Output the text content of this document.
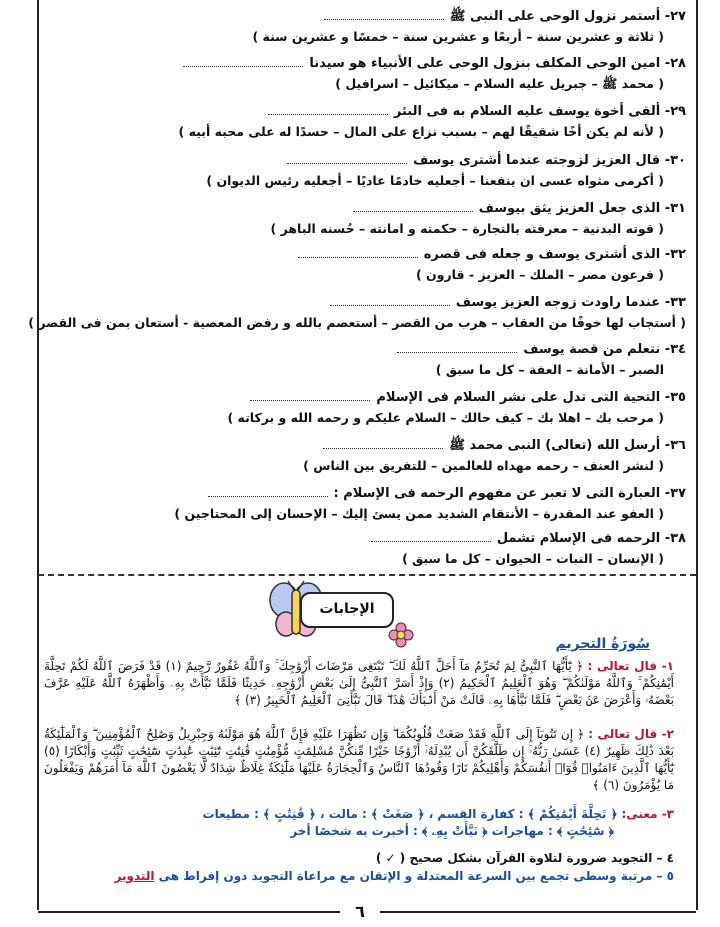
٢٧- أستمر نزول الوحى على النبى ﷺ
( ثلاثة و عشرين سنة – أربعًا و عشرين سنة – خمسًا و عشرين سنة )
٢٨- امين الوحى المكلف بنزول الوحى على الأنبياء هو سيدنا
( محمد ﷺ – جبريل عليه السلام – ميكائيل – اسرافيل )
٢٩- ألقى أخوة يوسف عليه السلام به فى البئر
( لأنه لم يكن أخًا شقيقًا لهم – بسبب نزاع على المال – حسدًا له على محبه أبيه )
٣٠- قال العزيز لزوجته عندما أشترى يوسف
( أكرمى مثواه عسى ان ينفعنا – أجعليه خادمًا عاديًا – أجعليه رئيس الديوان )
٣١- الذى جعل العزيز يثق بيوسف
( قوته البدنية – معرفته بالتجارة – حكمته و امانته – حُسنه الباهر )
٣٢- الذى أشترى يوسف و جعله فى قصره
( فرعون مصر – الملك – العزيز - قارون )
٣٣- عندما راودت زوجه العزيز يوسف
( أستجاب لها خوفًا من العقاب – هرب من القصر – أستعصم بالله و رفض المعصية - أستعان بمن فى القصر )
٣٤- نتعلم من قصة يوسف
الصبر – الأمانة – العفة – كل ما سبق )
٣٥- التحية التى تدل على نشر السلام فى الإسلام
( مرحب بك – اهلا بك – كيف حالك – السلام عليكم و رحمه الله و بركاته )
٣٦- أرسل الله (تعالى) النبى محمد ﷺ
( لنشر العنف – رحمه مهداه للعالمين – للتفريق بين الناس )
٣٧- العبارة التى لا تعبر عن مفهوم الرحمه فى الإسلام :
( العفو عند المقدرة – الأنتقام الشديد ممن يسئ إليك – الإحسان إلى المحتاجين )
٣٨- الرحمه فى الإسلام تشمل
( الإنسان – النبات – الحيوان – كل ما سبق )
الإجابات
سُورَةُ التحريم
١- قال تعالى : ﴿ يَٰٓأَيُّهَا ٱلنَّبِىُّ لِمَ تُحَرِّمُ مَآ أَحَلَّ ٱللَّهُ لَكَ ۖ تَبْتَغِى مَرْضَاتَ أَزْوَٰجِكَ ۚ وَٱللَّهُ غَفُورٌ رَّحِيمٌ (١) قَدْ فَرَضَ ٱللَّهُ لَكُمْ تَحِلَّةَ أَيْمَٰنِكُمْ ۚ وَٱللَّهُ مَوْلَىٰكُمْ ۖ وَهُوَ ٱلْعَلِيمُ ٱلْحَكِيمُ (٢) وَإِذْ أَسَرَّ ٱلنَّبِىُّ إِلَىٰ بَعْضِ أَزْوَٰجِهِۦ حَدِيثًا فَلَمَّا نَبَّأَتْ بِهِۦ وَأَظْهَرَهُ ٱللَّهُ عَلَيْهِ عَرَّفَ بَعْضَهُۥ وَأَعْرَضَ عَنۢ بَعْضٍ ۖ فَلَمَّا نَبَّأَهَا بِهِۦ قَالَتْ مَنْ أَنۢبَأَكَ هَٰذَا ۖ قَالَ نَبَّأَنِىَ ٱلْعَلِيمُ ٱلْخَبِيرُ (٣) ﴾
٢- قال تعالى : ﴿ إِن تَتُوبَآ إِلَى ٱللَّهِ فَقَدْ صَغَتْ قُلُوبُكُمَا ۖ وَإِن تَظَٰهَرَا عَلَيْهِ فَإِنَّ ٱللَّهَ هُوَ مَوْلَىٰهُ وَجِبْرِيلُ وَصَٰلِحُ ٱلْمُؤْمِنِينَ ۖ وَٱلْمَلَٰٓئِكَةُ بَعْدَ ذَٰلِكَ ظَهِيرٌ (٤) عَسَىٰ رَبُّهُۥٓ إِن طَلَّقَكُنَّ أَن يُبْدِلَهُۥٓ أَزْوَٰجًا خَيْرًا مِّنكُنَّ مُسْلِمَٰتٍ مُّؤْمِنَٰتٍ قَٰنِتَٰتٍ تَٰٓئِبَٰتٍ عَٰبِدَٰتٍ سَٰٓئِحَٰتٍ ثَيِّبَٰتٍ وَأَبْكَارًا (٥) يَٰٓأَيُّهَا ٱلَّذِينَ ءَامَنُوا۟ قُوٓا۟ أَنفُسَكُمْ وَأَهْلِيكُمْ نَارًا وَقُودُهَا ٱلنَّاسُ وَٱلْحِجَارَةُ عَلَيْهَا مَلَٰٓئِكَةٌ غِلَاظٌ شِدَادٌ لَّا يَعْصُونَ ٱللَّهَ مَآ أَمَرَهُمْ وَيَفْعَلُونَ مَا يُؤْمَرُونَ (٦) ﴾
٣- معنى: ﴿ تَحِلَّةَ أَيْمَٰنِكُمْ ﴾ : كفارة القسم ، ﴿ صَغَتْ ﴾ : مالت ، ﴿ قَٰنِتَٰتٍ ﴾ : مطيعات
﴿ سَٰٓئِحَٰتٍ ﴾ : مهاجرات ﴿ نَبَّأَتْ بِهِۦ ﴾ : أخبرت به شخصًا أخر
٤ – التجويد ضرورة لتلاوة القرآن بشكل صحيح ( ✓ )
٥ – مرتبة وسطى تجمع بين السرعة المعتدلة و الإتقان مع مراعاة التجويد دون إفراط هى التدوير
٦
